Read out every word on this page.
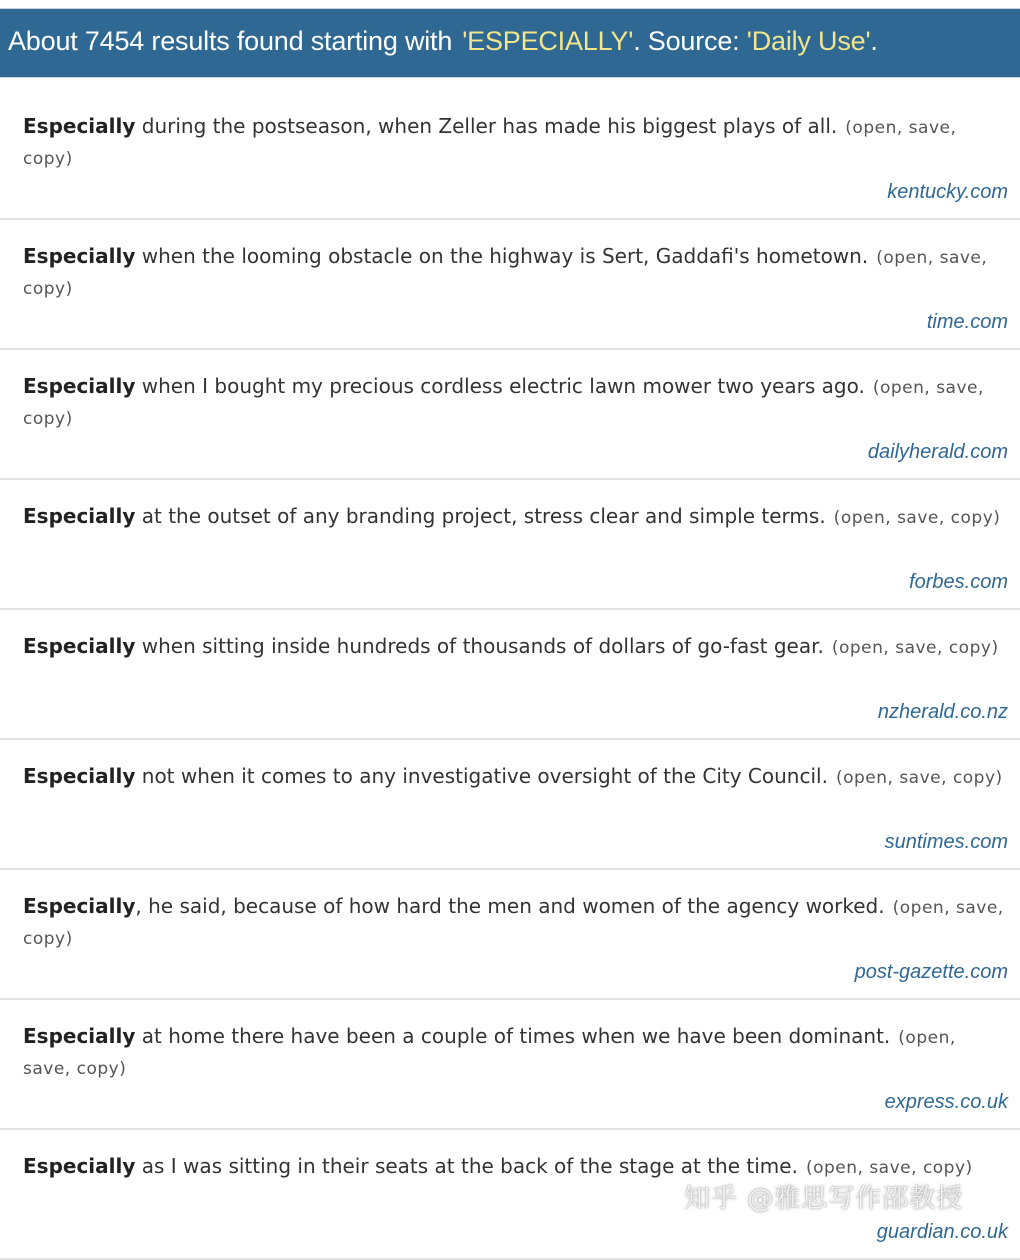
About 7454 results found starting with 'ESPECIALLY'. Source: 'Daily Use'.
Especially during the postseason, when Zeller has made his biggest plays of all. (open, save, copy)
kentucky.com
Especially when the looming obstacle on the highway is Sert, Gaddafi's hometown. (open, save, copy)
time.com
Especially when I bought my precious cordless electric lawn mower two years ago. (open, save, copy)
dailyherald.com
Especially at the outset of any branding project, stress clear and simple terms. (open, save, copy)
forbes.com
Especially when sitting inside hundreds of thousands of dollars of go-fast gear. (open, save, copy)
nzherald.co.nz
Especially not when it comes to any investigative oversight of the City Council. (open, save, copy)
suntimes.com
Especially, he said, because of how hard the men and women of the agency worked. (open, save, copy)
post-gazette.com
Especially at home there have been a couple of times when we have been dominant. (open, save, copy)
express.co.uk
Especially as I was sitting in their seats at the back of the stage at the time. (open, save, copy)
guardian.co.uk
知乎 @雅思写作邵教授
